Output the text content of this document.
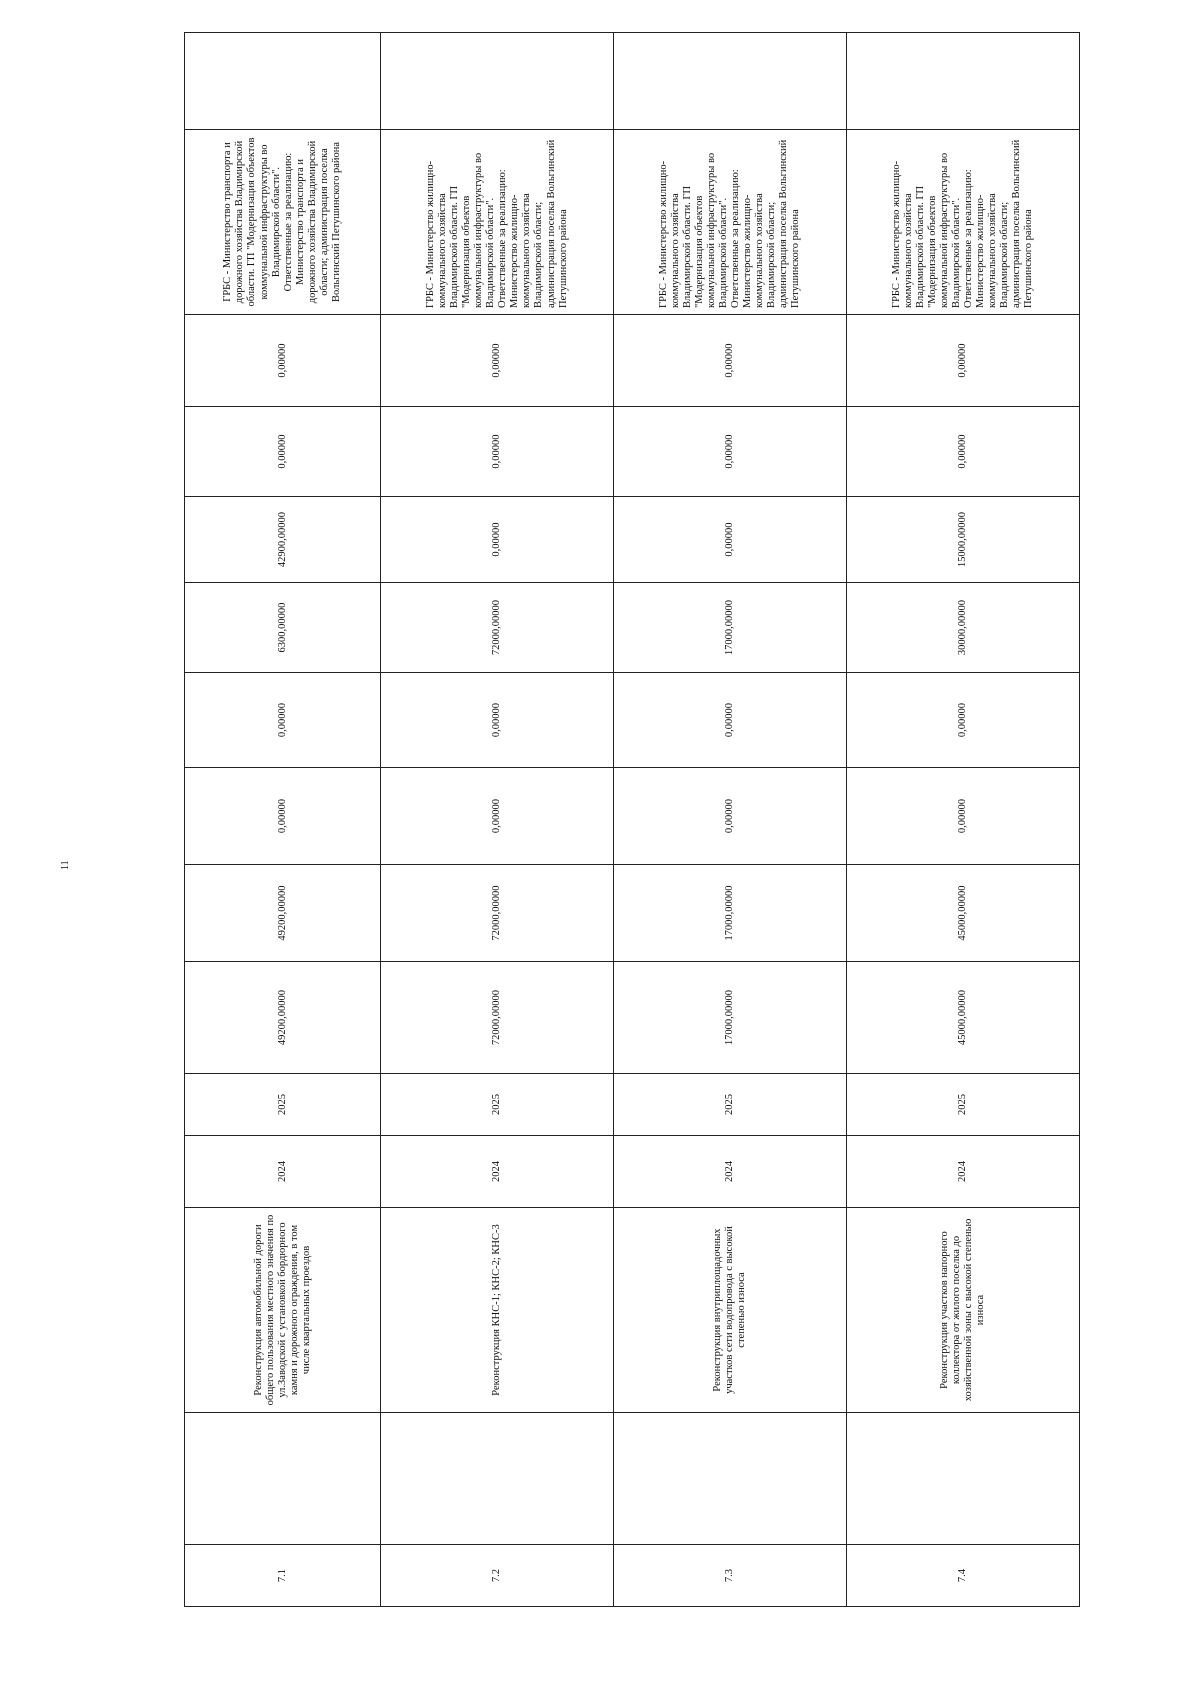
11
7.1		Реконструкция автомобильной дороги общего пользования местного значения по ул.Заводской с установкой бордюрного камня и дорожного ограждения, в том числе квартальных проездов	2024	2025	49200,00000	49200,00000	0,00000	0,00000	6300,00000	42900,00000	0,00000	0,00000	ГРБС - Министерство транспорта и дорожного хозяйства Владимирской области. ГП "Модернизация объектов коммунальной инфраструктуры во Владимирской области". Ответственные за реализацию: Министерство транспорта и дорожного хозяйства Владимирской области; администрация поселка Вольгинский Петушинского района	
7.2		Реконструкция КНС-1; КНС-2; КНС-3	2024	2025	72000,00000	72000,00000	0,00000	0,00000	72000,00000	0,00000	0,00000	0,00000	ГРБС - Министерство жилищно-коммунального хозяйства Владимирской области. ГП "Модернизация объектов коммунальной инфраструктуры во Владимирской области". Ответственные за реализацию: Министерство жилищно-коммунального хозяйства Владимирской области; администрация поселка Вольгинский Петушинского района	
7.3		Реконструкция внутриплощадочных участков сети водопровода с высокой степенью износа	2024	2025	17000,00000	17000,00000	0,00000	0,00000	17000,00000	0,00000	0,00000	0,00000	ГРБС - Министерство жилищно-коммунального хозяйства Владимирской области. ГП "Модернизация объектов коммунальной инфраструктуры во Владимирской области". Ответственные за реализацию: Министерство жилищно-коммунального хозяйства Владимирской области; администрация поселка Вольгинский Петушинского района	
7.4		Реконструкция участков напорного коллектора от жилого поселка до хозяйственной зоны с высокой степенью износа	2024	2025	45000,00000	45000,00000	0,00000	0,00000	30000,00000	15000,00000	0,00000	0,00000	ГРБС - Министерство жилищно-коммунального хозяйства Владимирской области. ГП "Модернизация объектов коммунальной инфраструктуры во Владимирской области". Ответственные за реализацию: Министерство жилищно-коммунального хозяйства Владимирской области; администрация поселка Вольгинский Петушинского района	
